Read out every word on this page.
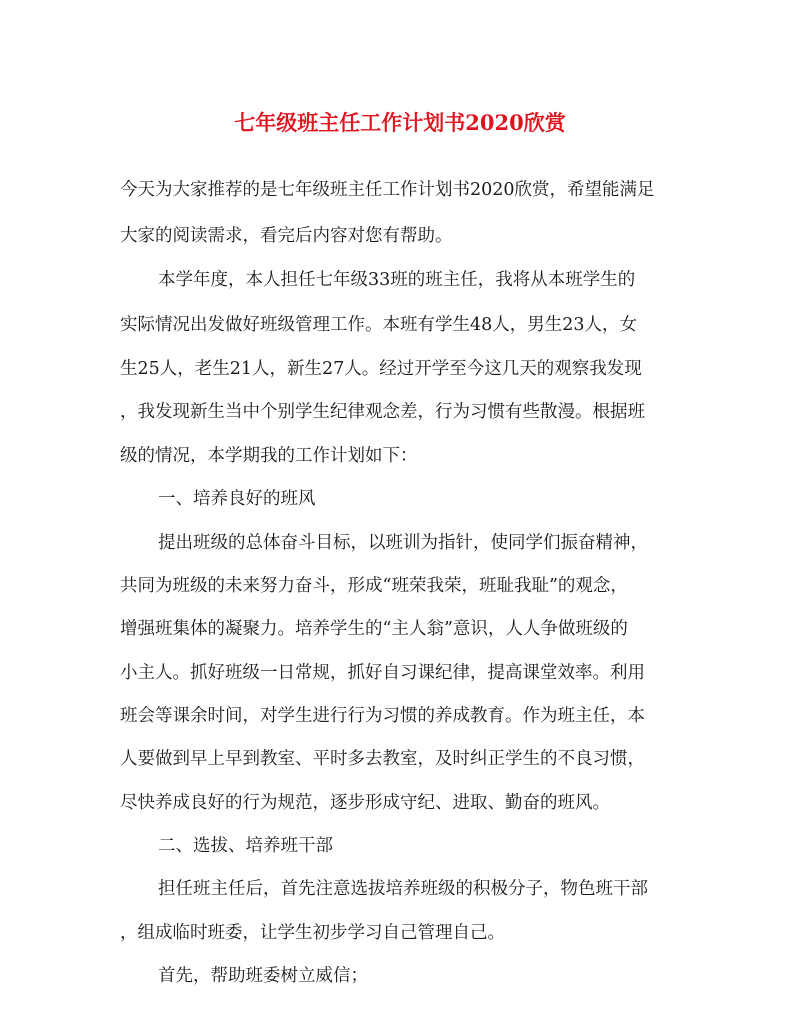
七年级班主任工作计划书2020欣赏
今天为大家推荐的是七年级班主任工作计划书2020欣赏，希望能满足
大家的阅读需求，看完后内容对您有帮助。
本学年度，本人担任七年级33班的班主任，我将从本班学生的
实际情况出发做好班级管理工作。本班有学生48人，男生23人，女
生25人，老生21人，新生27人。经过开学至今这几天的观察我发现
，我发现新生当中个别学生纪律观念差，行为习惯有些散漫。根据班
级的情况，本学期我的工作计划如下：
一、培养良好的班风
提出班级的总体奋斗目标，以班训为指针，使同学们振奋精神，
共同为班级的未来努力奋斗，形成“班荣我荣，班耻我耻”的观念，
增强班集体的凝聚力。培养学生的“主人翁”意识，人人争做班级的
小主人。抓好班级一日常规，抓好自习课纪律，提高课堂效率。利用
班会等课余时间，对学生进行行为习惯的养成教育。作为班主任，本
人要做到早上早到教室、平时多去教室，及时纠正学生的不良习惯，
尽快养成良好的行为规范，逐步形成守纪、进取、勤奋的班风。
二、选拔、培养班干部
担任班主任后，首先注意选拔培养班级的积极分子，物色班干部
，组成临时班委，让学生初步学习自己管理自己。
首先，帮助班委树立威信；
